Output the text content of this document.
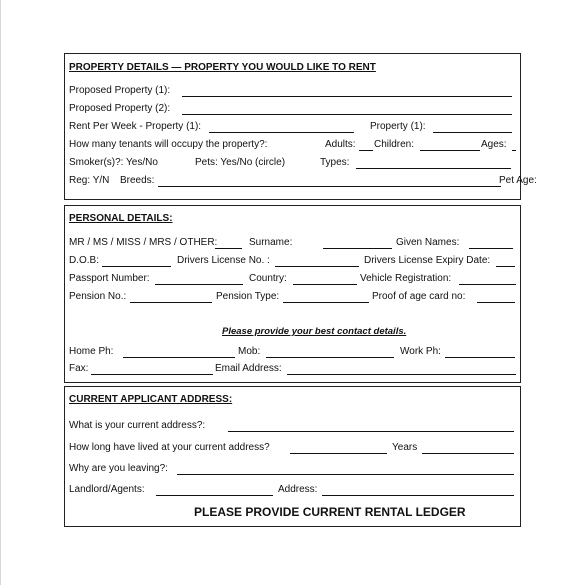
PROPERTY DETAILS — PROPERTY YOU WOULD LIKE TO RENT
Proposed Property (1):
Proposed Property (2):
Rent Per Week - Property (1):	Property (1):
How many tenants will occupy the property?:	Adults: Children:	Ages:
Smoker(s)?: Yes/No	Pets: Yes/No (circle)	Types:
Reg: Y/N Breeds:	Pet Age:
PERSONAL DETAILS:
MR / MS / MISS / MRS / OTHER:	Surname:	Given Names:
D.O.B:	Drivers License No. :	Drivers License Expiry Date:
Passport Number:	Country:	Vehicle Registration:
Pension No.:	Pension Type:	Proof of age card no:
Please provide your best contact details.
Home Ph:	Mob:	Work Ph:
Fax:	Email Address:
CURRENT APPLICANT ADDRESS:
What is your current address?:
How long have lived at your current address?	Years
Why are you leaving?:
Landlord/Agents:	Address:
PLEASE PROVIDE CURRENT RENTAL LEDGER
